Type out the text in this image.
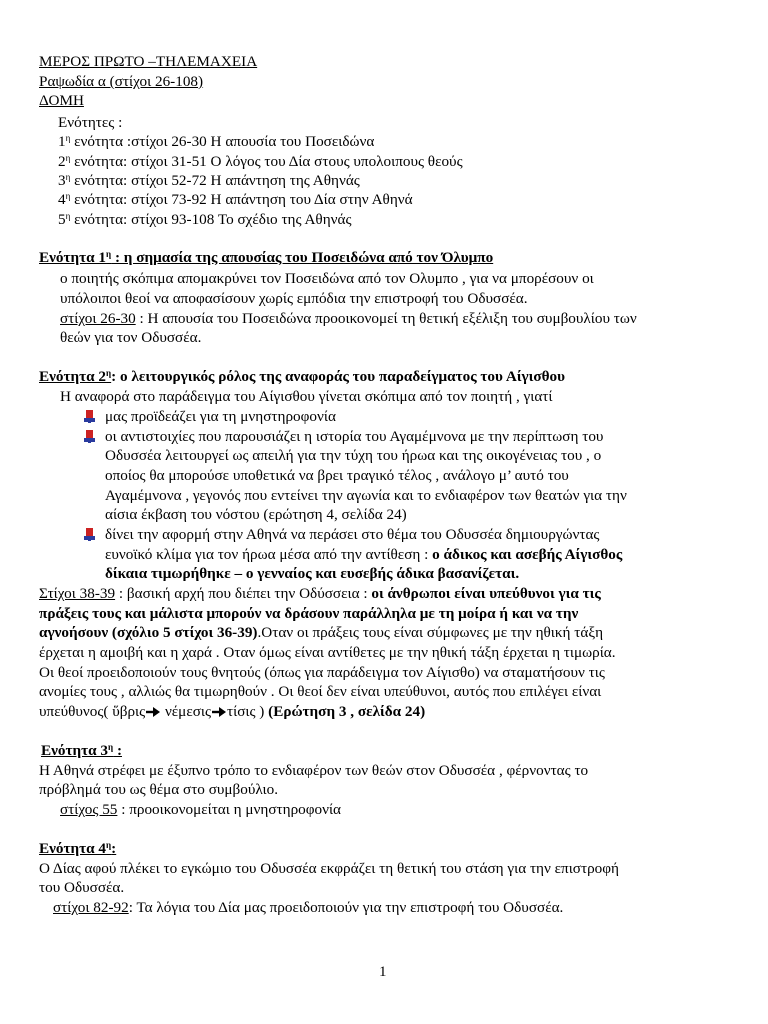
ΜΕΡΟΣ ΠΡΩΤΟ –ΤΗΛΕΜΑΧΕΙΑ
Ραψωδία α (στίχοι 26-108)
ΔΟΜΗ
Ενότητες :
$1^\eta$ ενότητα :στίχοι 26-30 Η απουσία του Ποσειδώνα
$2^\eta$ ενότητα: στίχοι 31-51 Ο λόγος του Δία στους υπολοιπους θεούς
$3^\eta$ ενότητα: στίχοι 52-72 Η απάντηση της Αθηνάς
$4^\eta$ ενότητα: στίχοι 73-92 Η απάντηση του Δία στην Αθηνά
$5^\eta$ ενότητα: στίχοι 93-108 Το σχέδιο της Αθηνάς
Ενότητα $1^\eta$ : η σημασία της απουσίας του Ποσειδώνα από τον Όλυμπο
ο ποιητής σκόπιμα απομακρύνει τον Ποσειδώνα από τον Ολυμπο , για να μπορέσουν οι
υπόλοιποι θεοί να αποφασίσουν χωρίς εμπόδια την επιστροφή του Οδυσσέα.
στίχοι 26-30 : Η απουσία του Ποσειδώνα προοικονομεί τη θετική εξέλιξη του συμβουλίου των
θεών για τον Οδυσσέα.
Ενότητα $2^\eta$: ο λειτουργικός ρόλος της αναφοράς του παραδείγματος του Αίγισθου
Η αναφορά στο παράδειγμα του Αίγισθου γίνεται σκόπιμα από τον ποιητή , γιατί
μας προϊδεάζει για τη μνηστηροφονία
οι αντιστοιχίες που παρουσιάζει η ιστορία του Αγαμέμνονα με την περίπτωση του
Οδυσσέα λειτουργεί ως απειλή για την τύχη του ήρωα και της οικογένειας του , ο
οποίος θα μπορούσε υποθετικά να βρει τραγικό τέλος , ανάλογο μ’ αυτό του
Αγαμέμνονα , γεγονός που εντείνει την αγωνία και το ενδιαφέρον των θεατών για την
αίσια έκβαση του νόστου (ερώτηση 4, σελίδα 24)
δίνει την αφορμή στην Αθηνά να περάσει στο θέμα του Οδυσσέα δημιουργώντας
ευνοϊκό κλίμα για τον ήρωα μέσα από την αντίθεση : ο άδικος και ασεβής Αίγισθος
δίκαια τιμωρήθηκε – ο γενναίος και ευσεβής άδικα βασανίζεται.
Στίχοι 38-39 : βασική αρχή που διέπει την Οδύσσεια : οι άνθρωποι είναι υπεύθυνοι για τις
πράξεις τους και μάλιστα μπορούν να δράσουν παράλληλα με τη μοίρα ή και να την
αγνοήσουν (σχόλιο 5 στίχοι 36-39).Οταν οι πράξεις τους είναι σύμφωνες με την ηθική τάξη
έρχεται η αμοιβή και η χαρά . Οταν όμως είναι αντίθετες με την ηθική τάξη έρχεται η τιμωρία.
Οι θεοί προειδοποιούν τους θνητούς (όπως για παράδειγμα τον Αίγισθο) να σταματήσουν τις
ανομίες τους , αλλιώς θα τιμωρηθούν . Οι θεοί δεν είναι υπεύθυνοι, αυτός που επιλέγει είναι
υπεύθυνος( ὕβρις νέμεσις τίσις ) (Ερώτηση 3 , σελίδα 24)
Ενότητα $3^\eta$ :
Η Αθηνά στρέφει με έξυπνο τρόπο το ενδιαφέρον των θεών στον Οδυσσέα , φέρνοντας το
πρόβλημά του ως θέμα στο συμβούλιο.
στίχος 55 : προοικονομείται η μνηστηροφονία
Ενότητα $4^\eta$:
Ο Δίας αφού πλέκει το εγκώμιο του Οδυσσέα εκφράζει τη θετική του στάση για την επιστροφή
του Οδυσσέα.
στίχοι 82-92: Τα λόγια του Δία μας προειδοποιούν για την επιστροφή του Οδυσσέα.
1
